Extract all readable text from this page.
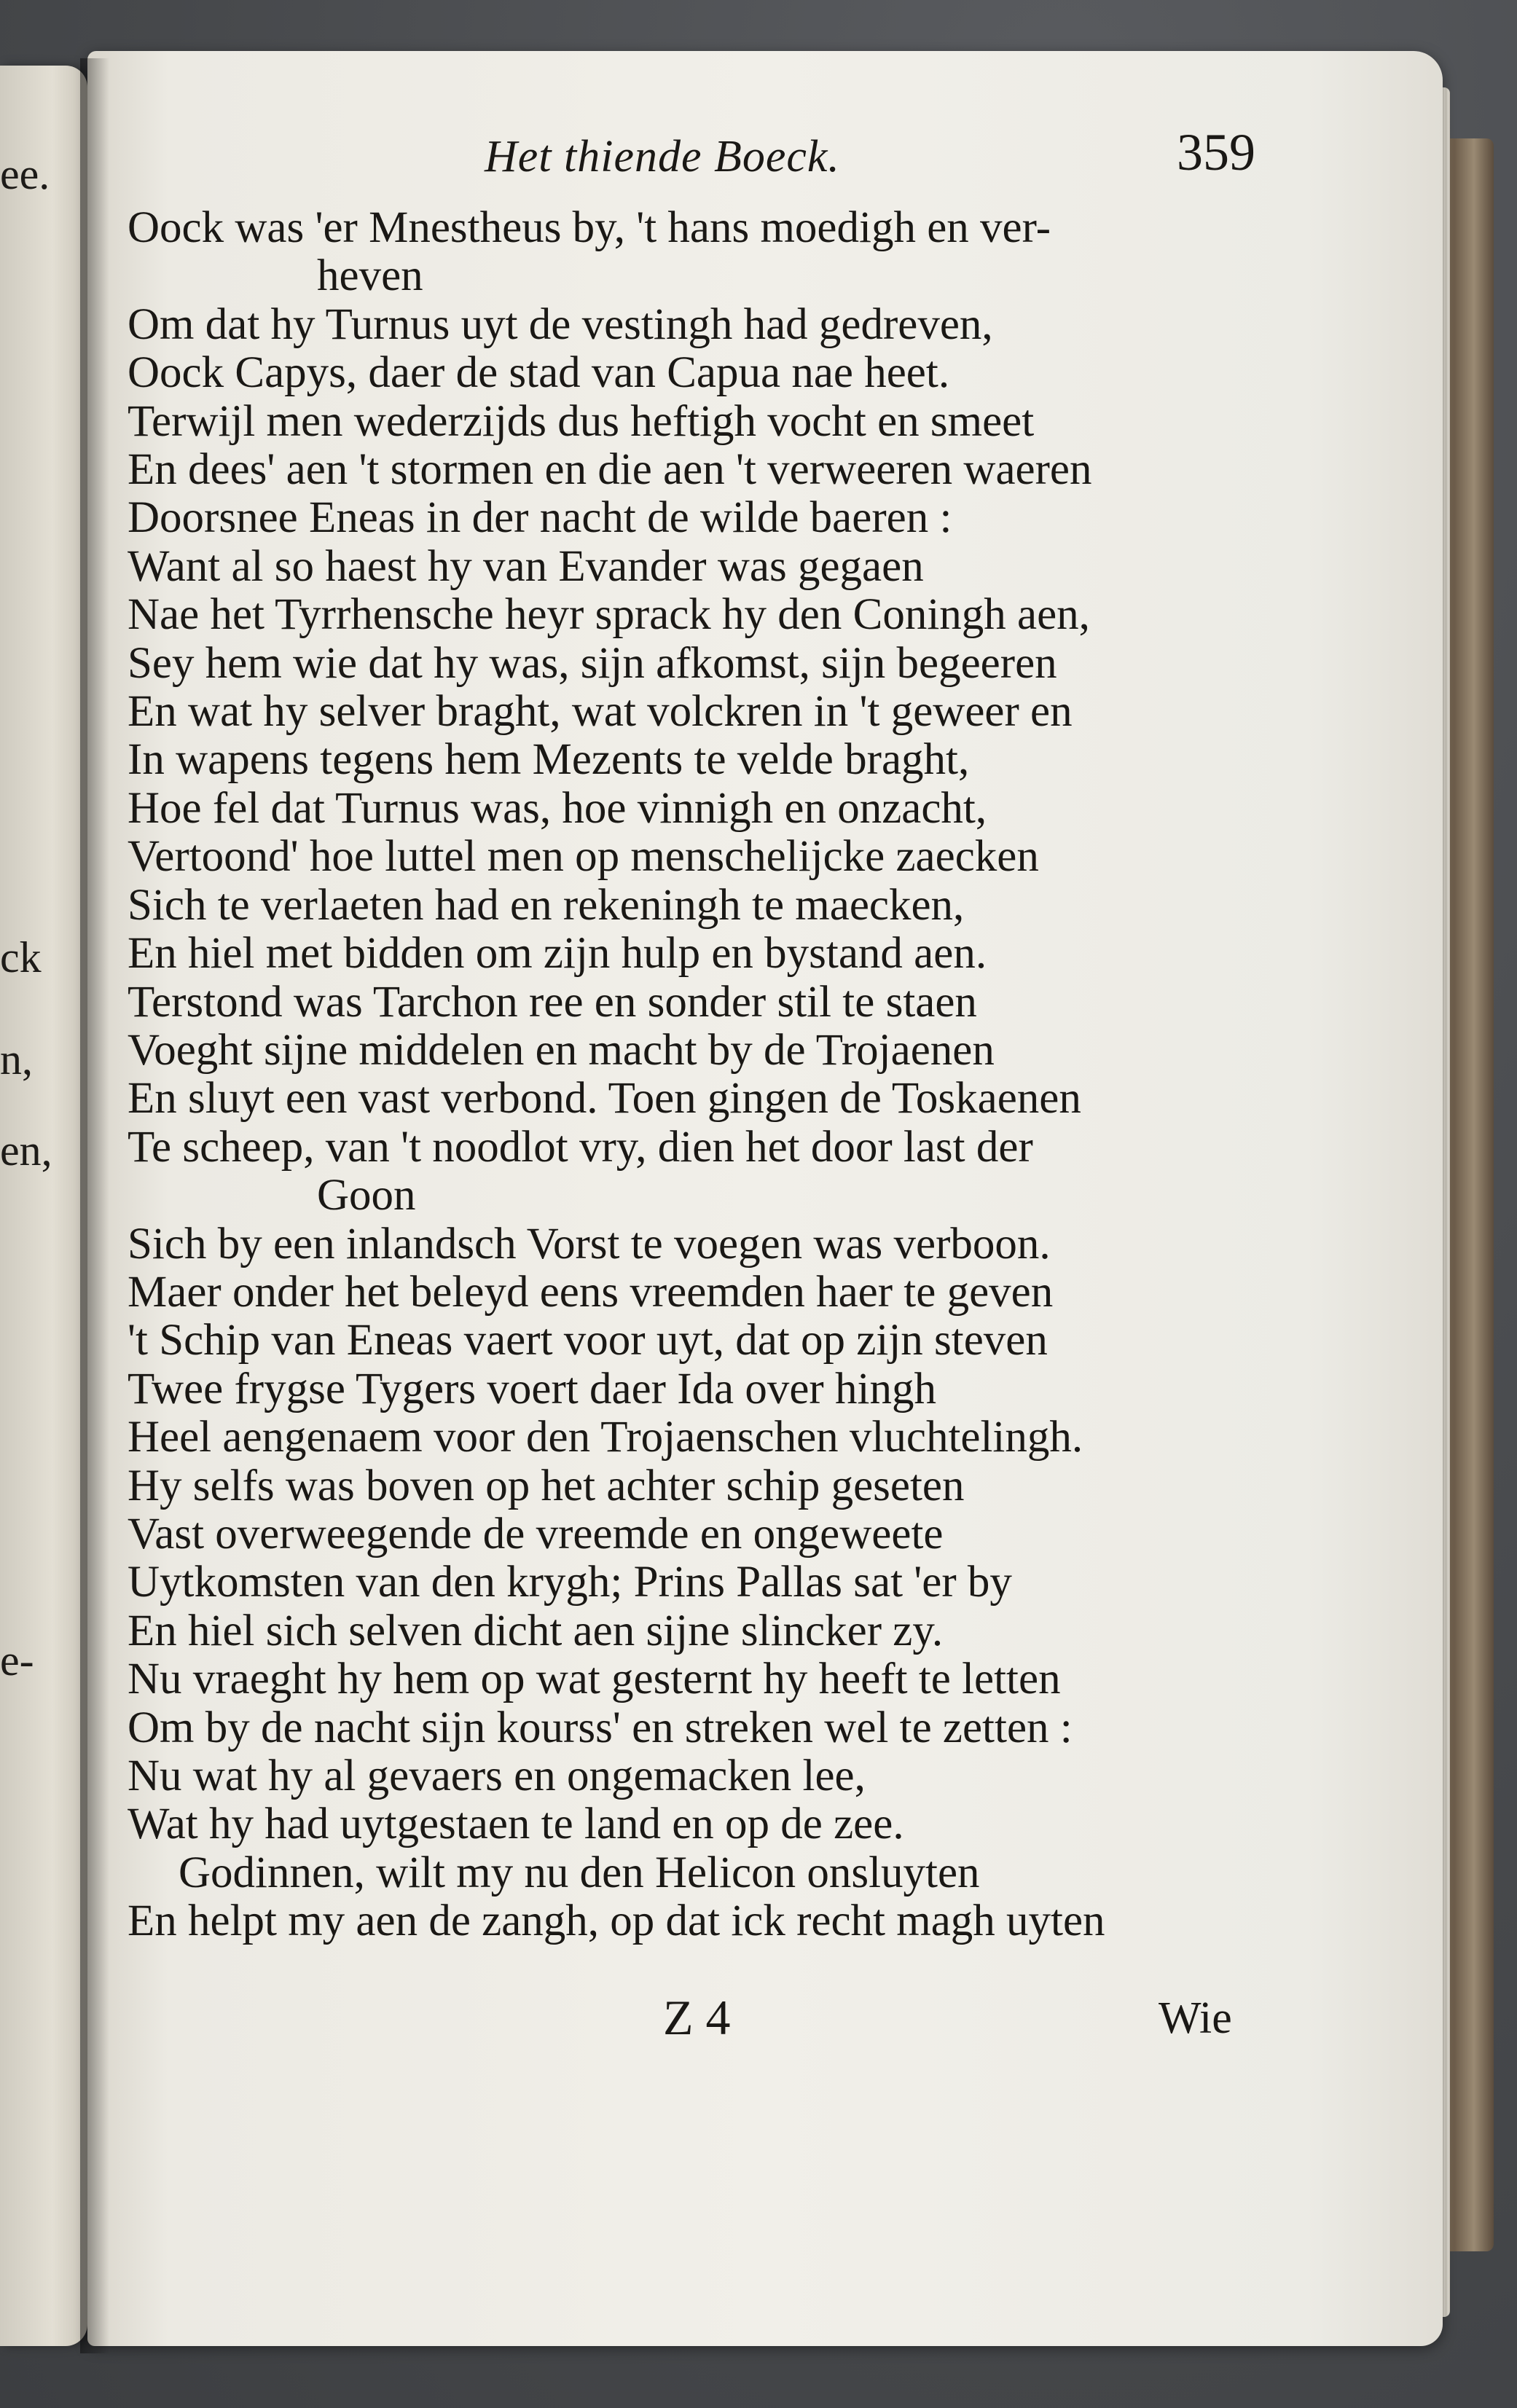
ee.
ck
n,
en,
e-
Het thiende Boeck.	359
Oock was 'er Mnestheus by, 't hans moedigh en ver-
heven
Om dat hy Turnus uyt de vestingh had gedreven,
Oock Capys, daer de stad van Capua nae heet.
Terwijl men wederzijds dus heftigh vocht en smeet
En dees' aen 't stormen en die aen 't verweeren waeren
Doorsnee Eneas in der nacht de wilde baeren :
Want al so haest hy van Evander was gegaen
Nae het Tyrrhensche heyr sprack hy den Coningh aen,
Sey hem wie dat hy was, sijn afkomst, sijn begeeren
En wat hy selver braght, wat volckren in 't geweer en
In wapens tegens hem Mezents te velde braght,
Hoe fel dat Turnus was, hoe vinnigh en onzacht,
Vertoond' hoe luttel men op menschelijcke zaecken
Sich te verlaeten had en rekeningh te maecken,
En hiel met bidden om zijn hulp en bystand aen.
Terstond was Tarchon ree en sonder stil te staen
Voeght sijne middelen en macht by de Trojaenen
En sluyt een vast verbond. Toen gingen de Toskaenen
Te scheep, van 't noodlot vry, dien het door last der
Goon
Sich by een inlandsch Vorst te voegen was verboon.
Maer onder het beleyd eens vreemden haer te geven
't Schip van Eneas vaert voor uyt, dat op zijn steven
Twee frygse Tygers voert daer Ida over hingh
Heel aengenaem voor den Trojaenschen vluchtelingh.
Hy selfs was boven op het achter schip geseten
Vast overweegende de vreemde en ongeweete
Uytkomsten van den krygh; Prins Pallas sat 'er by
En hiel sich selven dicht aen sijne slincker zy.
Nu vraeght hy hem op wat gesternt hy heeft te letten
Om by de nacht sijn kourss' en streken wel te zetten :
Nu wat hy al gevaers en ongemacken lee,
Wat hy had uytgestaen te land en op de zee.
Godinnen, wilt my nu den Helicon onsluyten
En helpt my aen de zangh, op dat ick recht magh uyten
Z 4	Wie
